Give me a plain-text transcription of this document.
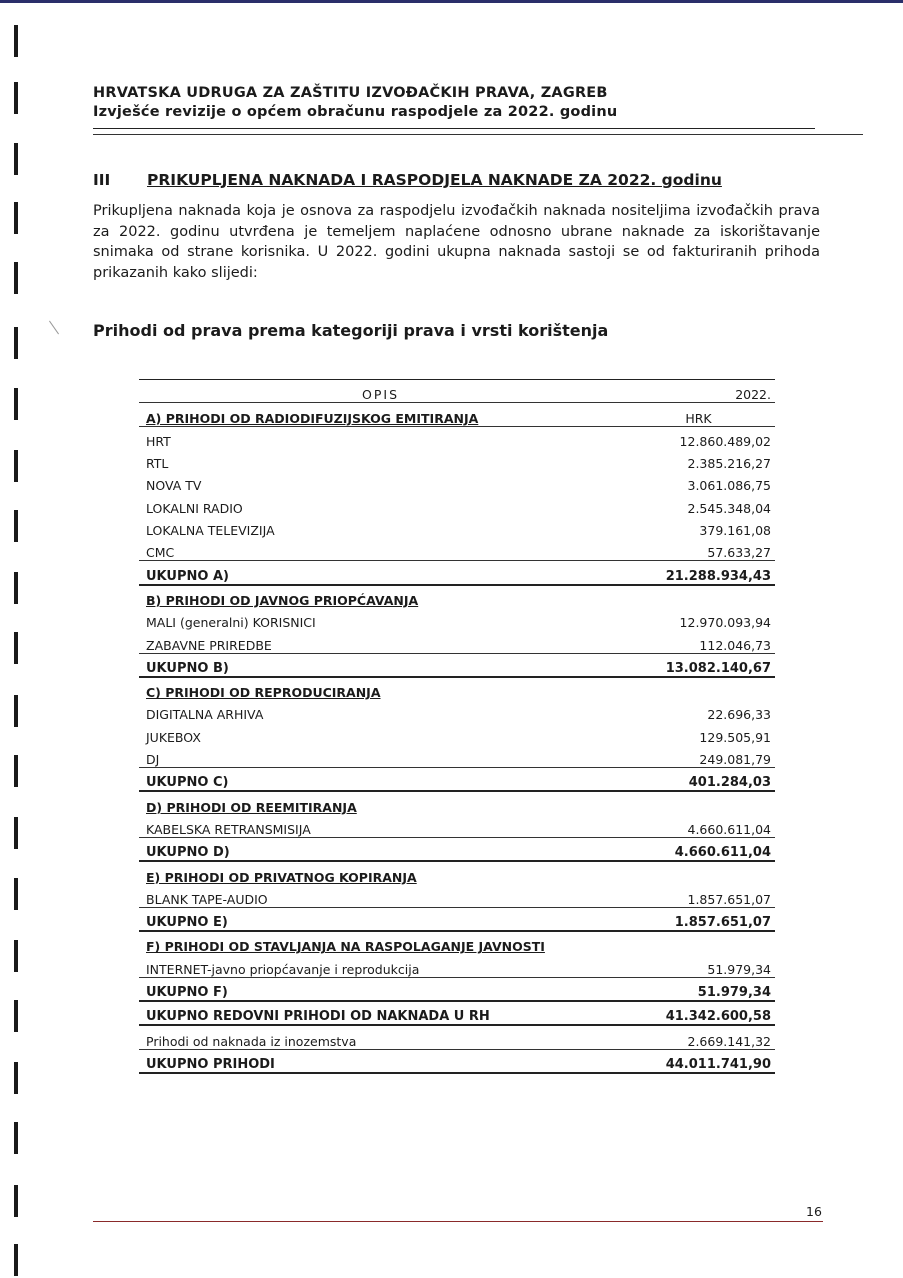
HRVATSKA UDRUGA ZA ZAŠTITU IZVOĐAČKIH PRAVA, ZAGREB
Izvješće revizije o općem obračunu raspodjele za 2022. godinu
III PRIKUPLJENA NAKNADA I RASPODJELA NAKNADE ZA 2022. godinu
Prikupljena naknada koja je osnova za raspodjelu izvođačkih naknada nositeljima izvođačkih prava za 2022. godinu utvrđena je temeljem naplaćene odnosno ubrane naknade za iskorištavanje snimaka od strane korisnika. U 2022. godini ukupna naknada sastoji se od fakturiranih prihoda prikazanih kako slijedi:
Prihodi od prava prema kategoriji prava i vrsti korištenja
OPIS	2022.
A) PRIHODI OD RADIODIFUZIJSKOG EMITIRANJA	HRK
HRT	12.860.489,02
RTL	2.385.216,27
NOVA TV	3.061.086,75
LOKALNI RADIO	2.545.348,04
LOKALNA TELEVIZIJA	379.161,08
CMC	57.633,27
UKUPNO A)	21.288.934,43
B) PRIHODI OD JAVNOG PRIOPĆAVANJA	
MALI (generalni) KORISNICI	12.970.093,94
ZABAVNE PRIREDBE	112.046,73
UKUPNO B)	13.082.140,67
C) PRIHODI OD REPRODUCIRANJA	
DIGITALNA ARHIVA	22.696,33
JUKEBOX	129.505,91
DJ	249.081,79
UKUPNO C)	401.284,03
D) PRIHODI OD REEMITIRANJA	
KABELSKA RETRANSMISIJA	4.660.611,04
UKUPNO D)	4.660.611,04
E) PRIHODI OD PRIVATNOG KOPIRANJA	
BLANK TAPE-AUDIO	1.857.651,07
UKUPNO E)	1.857.651,07
F) PRIHODI OD STAVLJANJA NA RASPOLAGANJE JAVNOSTI	
INTERNET-javno priopćavanje i reprodukcija	51.979,34
UKUPNO F)	51.979,34
UKUPNO REDOVNI PRIHODI OD NAKNADA U RH	41.342.600,58
Prihodi od naknada iz inozemstva	2.669.141,32
UKUPNO PRIHODI	44.011.741,90
16
